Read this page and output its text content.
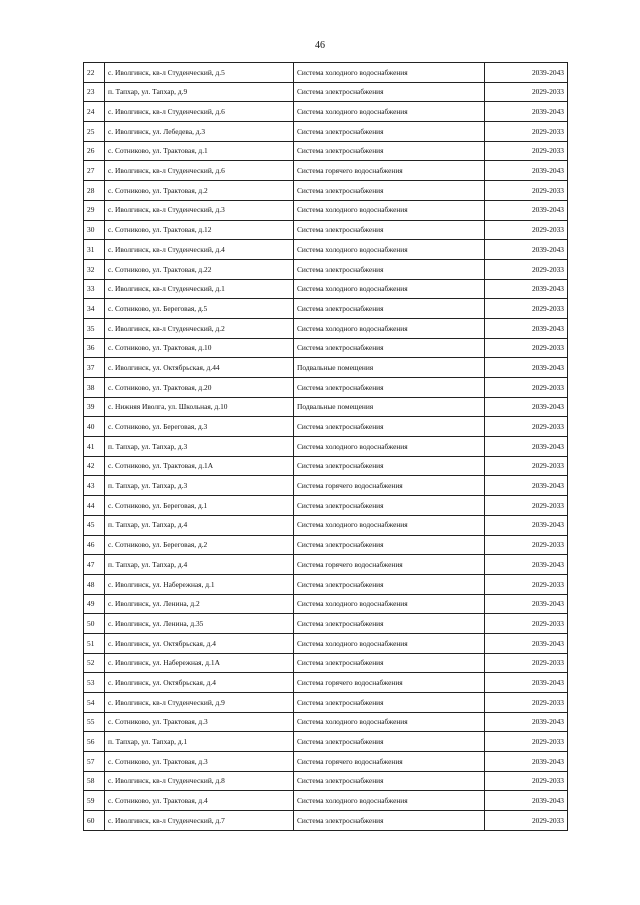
46
22	с. Иволгинск, кв-л Студенческий, д.5	Система холодного водоснабжения	2039-2043
23	п. Тапхар, ул. Тапхар, д.9	Система электроснабжения	2029-2033
24	с. Иволгинск, кв-л Студенческий, д.6	Система холодного водоснабжения	2039-2043
25	с. Иволгинск, ул. Лебедева, д.3	Система электроснабжения	2029-2033
26	с. Сотниково, ул. Трактовая, д.1	Система электроснабжения	2029-2033
27	с. Иволгинск, кв-л Студенческий, д.6	Система горячего водоснабжения	2039-2043
28	с. Сотниково, ул. Трактовая, д.2	Система электроснабжения	2029-2033
29	с. Иволгинск, кв-л Студенческий, д.3	Система холодного водоснабжения	2039-2043
30	с. Сотниково, ул. Трактовая, д.12	Система электроснабжения	2029-2033
31	с. Иволгинск, кв-л Студенческий, д.4	Система холодного водоснабжения	2039-2043
32	с. Сотниково, ул. Трактовая, д.22	Система электроснабжения	2029-2033
33	с. Иволгинск, кв-л Студенческий, д.1	Система холодного водоснабжения	2039-2043
34	с. Сотниково, ул. Береговая, д.5	Система электроснабжения	2029-2033
35	с. Иволгинск, кв-л Студенческий, д.2	Система холодного водоснабжения	2039-2043
36	с. Сотниково, ул. Трактовая, д.10	Система электроснабжения	2029-2033
37	с. Иволгинск, ул. Октябрьская, д.44	Подвальные помещения	2039-2043
38	с. Сотниково, ул. Трактовая, д.20	Система электроснабжения	2029-2033
39	с. Нижняя Иволга, ул. Школьная, д.10	Подвальные помещения	2039-2043
40	с. Сотниково, ул. Береговая, д.3	Система электроснабжения	2029-2033
41	п. Тапхар, ул. Тапхар, д.3	Система холодного водоснабжения	2039-2043
42	с. Сотниково, ул. Трактовая, д.1А	Система электроснабжения	2029-2033
43	п. Тапхар, ул. Тапхар, д.3	Система горячего водоснабжения	2039-2043
44	с. Сотниково, ул. Береговая, д.1	Система электроснабжения	2029-2033
45	п. Тапхар, ул. Тапхар, д.4	Система холодного водоснабжения	2039-2043
46	с. Сотниково, ул. Береговая, д.2	Система электроснабжения	2029-2033
47	п. Тапхар, ул. Тапхар, д.4	Система горячего водоснабжения	2039-2043
48	с. Иволгинск, ул. Набережная, д.1	Система электроснабжения	2029-2033
49	с. Иволгинск, ул. Ленина, д.2	Система холодного водоснабжения	2039-2043
50	с. Иволгинск, ул. Ленина, д.35	Система электроснабжения	2029-2033
51	с. Иволгинск, ул. Октябрьская, д.4	Система холодного водоснабжения	2039-2043
52	с. Иволгинск, ул. Набережная, д.1А	Система электроснабжения	2029-2033
53	с. Иволгинск, ул. Октябрьская, д.4	Система горячего водоснабжения	2039-2043
54	с. Иволгинск, кв-л Студенческий, д.9	Система электроснабжения	2029-2033
55	с. Сотниково, ул. Трактовая, д.3	Система холодного водоснабжения	2039-2043
56	п. Тапхар, ул. Тапхар, д.1	Система электроснабжения	2029-2033
57	с. Сотниково, ул. Трактовая, д.3	Система горячего водоснабжения	2039-2043
58	с. Иволгинск, кв-л Студенческий, д.8	Система электроснабжения	2029-2033
59	с. Сотниково, ул. Трактовая, д.4	Система холодного водоснабжения	2039-2043
60	с. Иволгинск, кв-л Студенческий, д.7	Система электроснабжения	2029-2033
